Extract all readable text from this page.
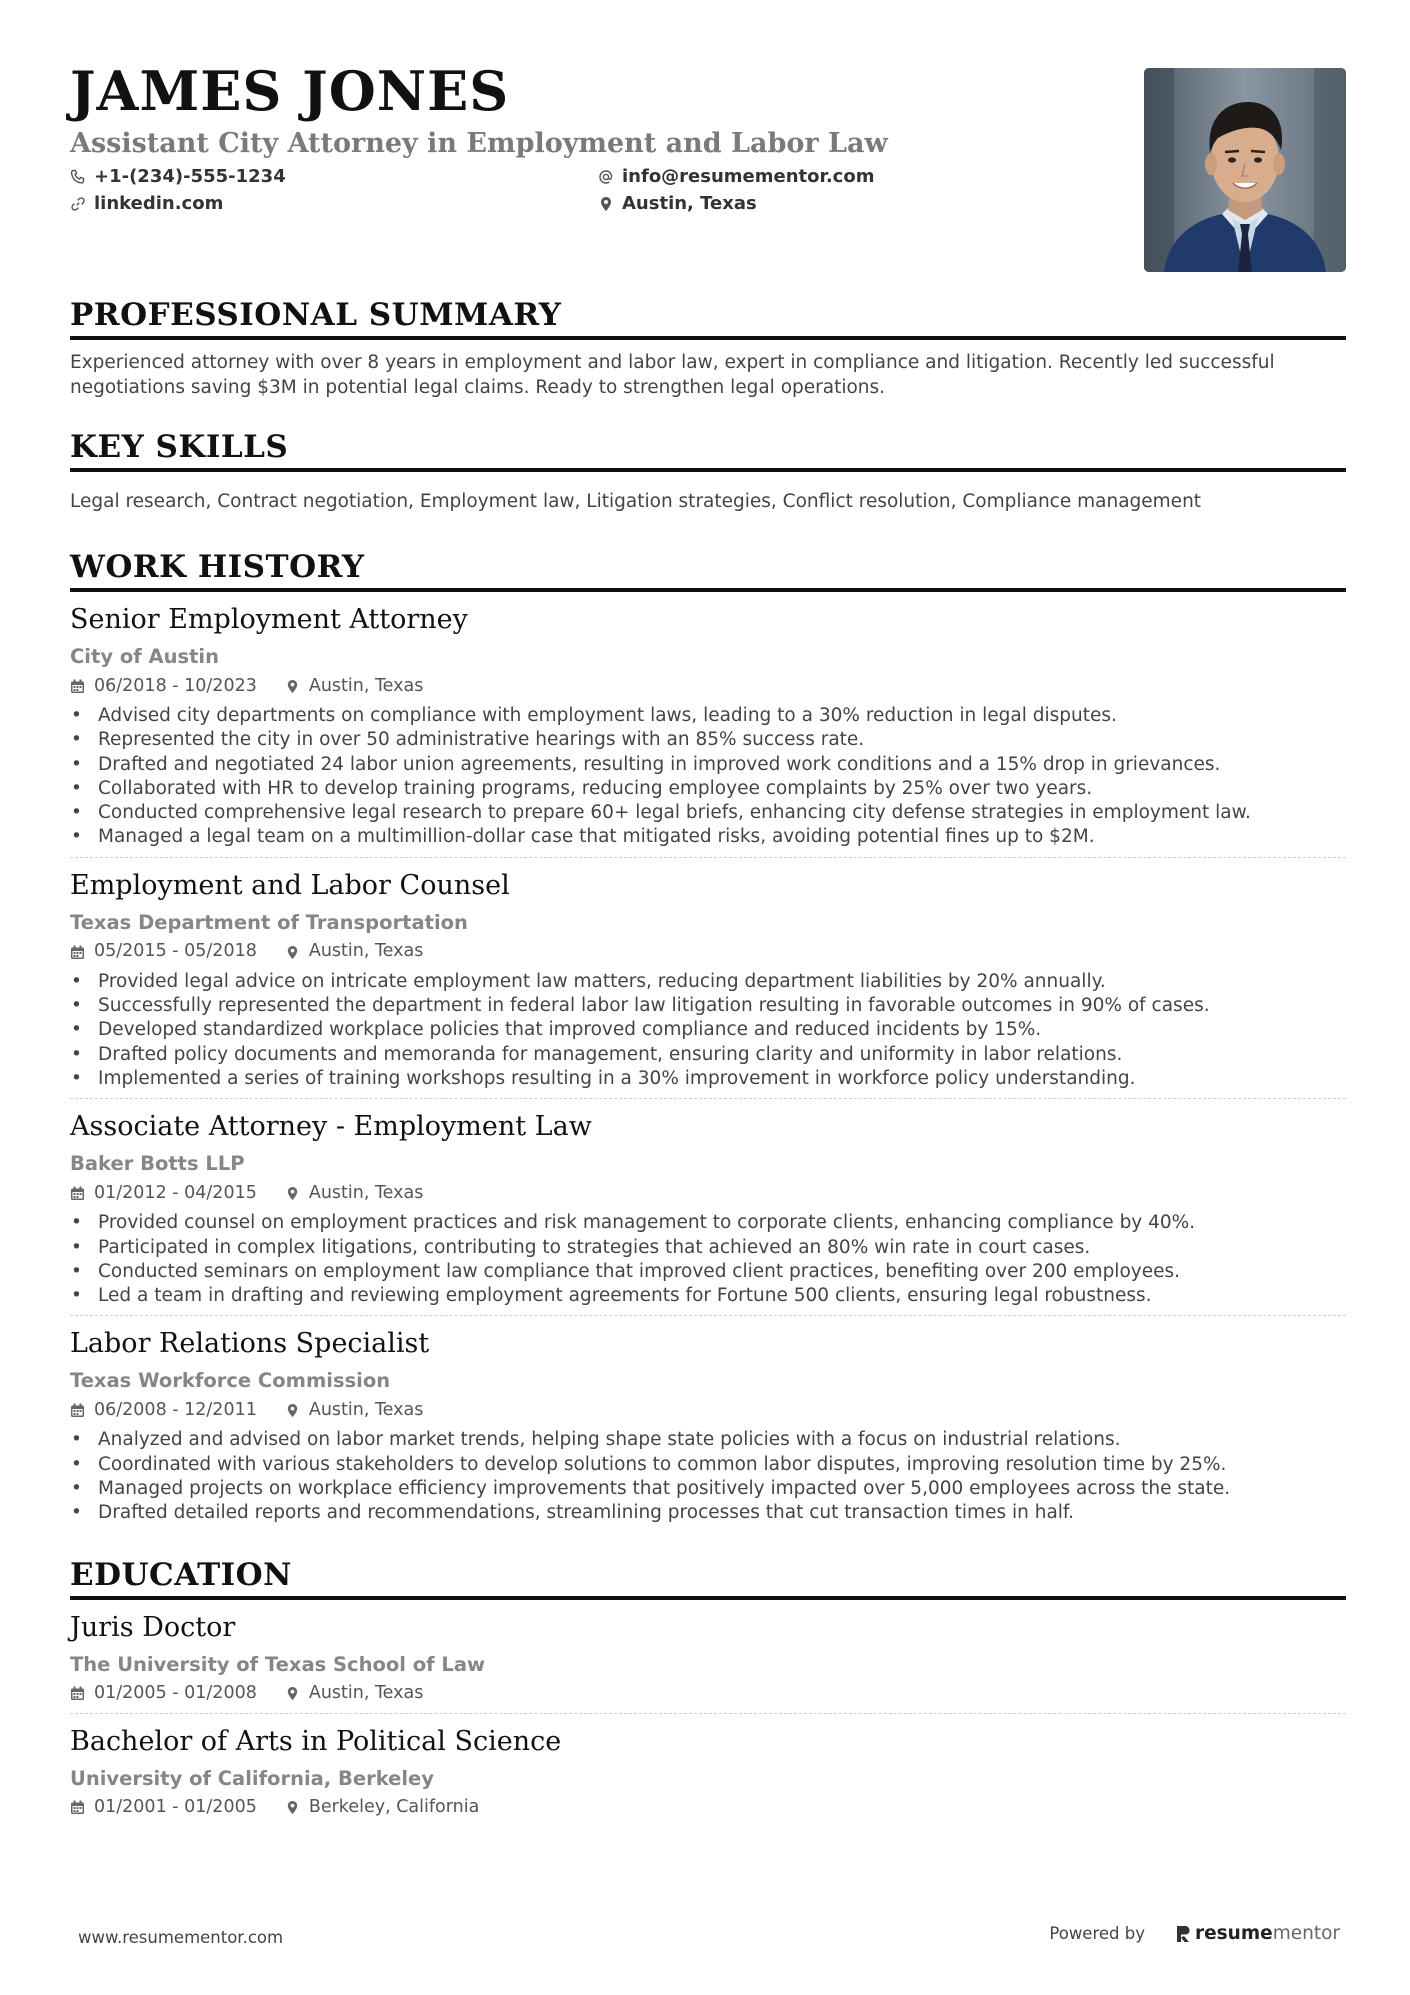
JAMES JONES
Assistant City Attorney in Employment and Labor Law
+1-(234)-555-1234	info@resumementor.com
linkedin.com	Austin, Texas
PROFESSIONAL SUMMARY
Experienced attorney with over 8 years in employment and labor law, expert in compliance and litigation. Recently led successful negotiations saving $3M in potential legal claims. Ready to strengthen legal operations.
KEY SKILLS
Legal research, Contract negotiation, Employment law, Litigation strategies, Conflict resolution, Compliance management
WORK HISTORY
Senior Employment Attorney
City of Austin
06/2018 - 10/2023	Austin, Texas
• Advised city departments on compliance with employment laws, leading to a 30% reduction in legal disputes.
• Represented the city in over 50 administrative hearings with an 85% success rate.
• Drafted and negotiated 24 labor union agreements, resulting in improved work conditions and a 15% drop in grievances.
• Collaborated with HR to develop training programs, reducing employee complaints by 25% over two years.
• Conducted comprehensive legal research to prepare 60+ legal briefs, enhancing city defense strategies in employment law.
• Managed a legal team on a multimillion-dollar case that mitigated risks, avoiding potential fines up to $2M.
Employment and Labor Counsel
Texas Department of Transportation
05/2015 - 05/2018	Austin, Texas
• Provided legal advice on intricate employment law matters, reducing department liabilities by 20% annually.
• Successfully represented the department in federal labor law litigation resulting in favorable outcomes in 90% of cases.
• Developed standardized workplace policies that improved compliance and reduced incidents by 15%.
• Drafted policy documents and memoranda for management, ensuring clarity and uniformity in labor relations.
• Implemented a series of training workshops resulting in a 30% improvement in workforce policy understanding.
Associate Attorney - Employment Law
Baker Botts LLP
01/2012 - 04/2015	Austin, Texas
• Provided counsel on employment practices and risk management to corporate clients, enhancing compliance by 40%.
• Participated in complex litigations, contributing to strategies that achieved an 80% win rate in court cases.
• Conducted seminars on employment law compliance that improved client practices, benefiting over 200 employees.
• Led a team in drafting and reviewing employment agreements for Fortune 500 clients, ensuring legal robustness.
Labor Relations Specialist
Texas Workforce Commission
06/2008 - 12/2011	Austin, Texas
• Analyzed and advised on labor market trends, helping shape state policies with a focus on industrial relations.
• Coordinated with various stakeholders to develop solutions to common labor disputes, improving resolution time by 25%.
• Managed projects on workplace efficiency improvements that positively impacted over 5,000 employees across the state.
• Drafted detailed reports and recommendations, streamlining processes that cut transaction times in half.
EDUCATION
Juris Doctor
The University of Texas School of Law
01/2005 - 01/2008	Austin, Texas
Bachelor of Arts in Political Science
University of California, Berkeley
01/2001 - 01/2005	Berkeley, California
www.resumementor.com	Powered by	resume mentor
